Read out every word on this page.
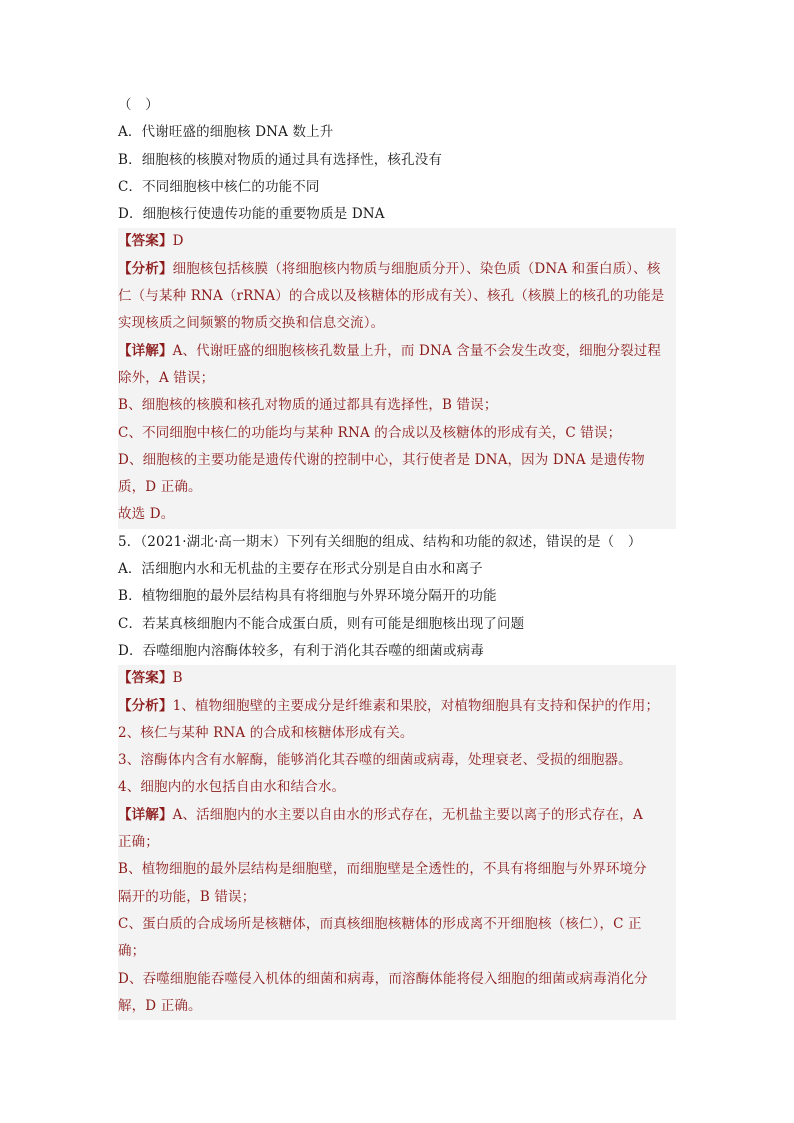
（　）
A．代谢旺盛的细胞核 DNA 数上升
B．细胞核的核膜对物质的通过具有选择性，核孔没有
C．不同细胞核中核仁的功能不同
D．细胞核行使遗传功能的重要物质是 DNA
【答案】D
【分析】细胞核包括核膜（将细胞核内物质与细胞质分开）、染色质（DNA 和蛋白质）、核
仁（与某种 RNA（rRNA）的合成以及核糖体的形成有关）、核孔（核膜上的核孔的功能是
实现核质之间频繁的物质交换和信息交流）。
【详解】A、代谢旺盛的细胞核核孔数量上升，而 DNA 含量不会发生改变，细胞分裂过程
除外，A 错误；
B、细胞核的核膜和核孔对物质的通过都具有选择性，B 错误；
C、不同细胞中核仁的功能均与某种 RNA 的合成以及核糖体的形成有关，C 错误；
D、细胞核的主要功能是遗传代谢的控制中心，其行使者是 DNA，因为 DNA 是遗传物
质，D 正确。
故选 D。
5．（2021·湖北·高一期末）下列有关细胞的组成、结构和功能的叙述，错误的是（　）
A．活细胞内水和无机盐的主要存在形式分别是自由水和离子
B．植物细胞的最外层结构具有将细胞与外界环境分隔开的功能
C．若某真核细胞内不能合成蛋白质，则有可能是细胞核出现了问题
D．吞噬细胞内溶酶体较多，有利于消化其吞噬的细菌或病毒
【答案】B
【分析】1、植物细胞壁的主要成分是纤维素和果胶，对植物细胞具有支持和保护的作用；
2、核仁与某种 RNA 的合成和核糖体形成有关。
3、溶酶体内含有水解酶，能够消化其吞噬的细菌或病毒，处理衰老、受损的细胞器。
4、细胞内的水包括自由水和结合水。
【详解】A、活细胞内的水主要以自由水的形式存在，无机盐主要以离子的形式存在，A
正确；
B、植物细胞的最外层结构是细胞壁，而细胞壁是全透性的，不具有将细胞与外界环境分
隔开的功能，B 错误；
C、蛋白质的合成场所是核糖体，而真核细胞核糖体的形成离不开细胞核（核仁），C 正
确；
D、吞噬细胞能吞噬侵入机体的细菌和病毒，而溶酶体能将侵入细胞的细菌或病毒消化分
解，D 正确。
